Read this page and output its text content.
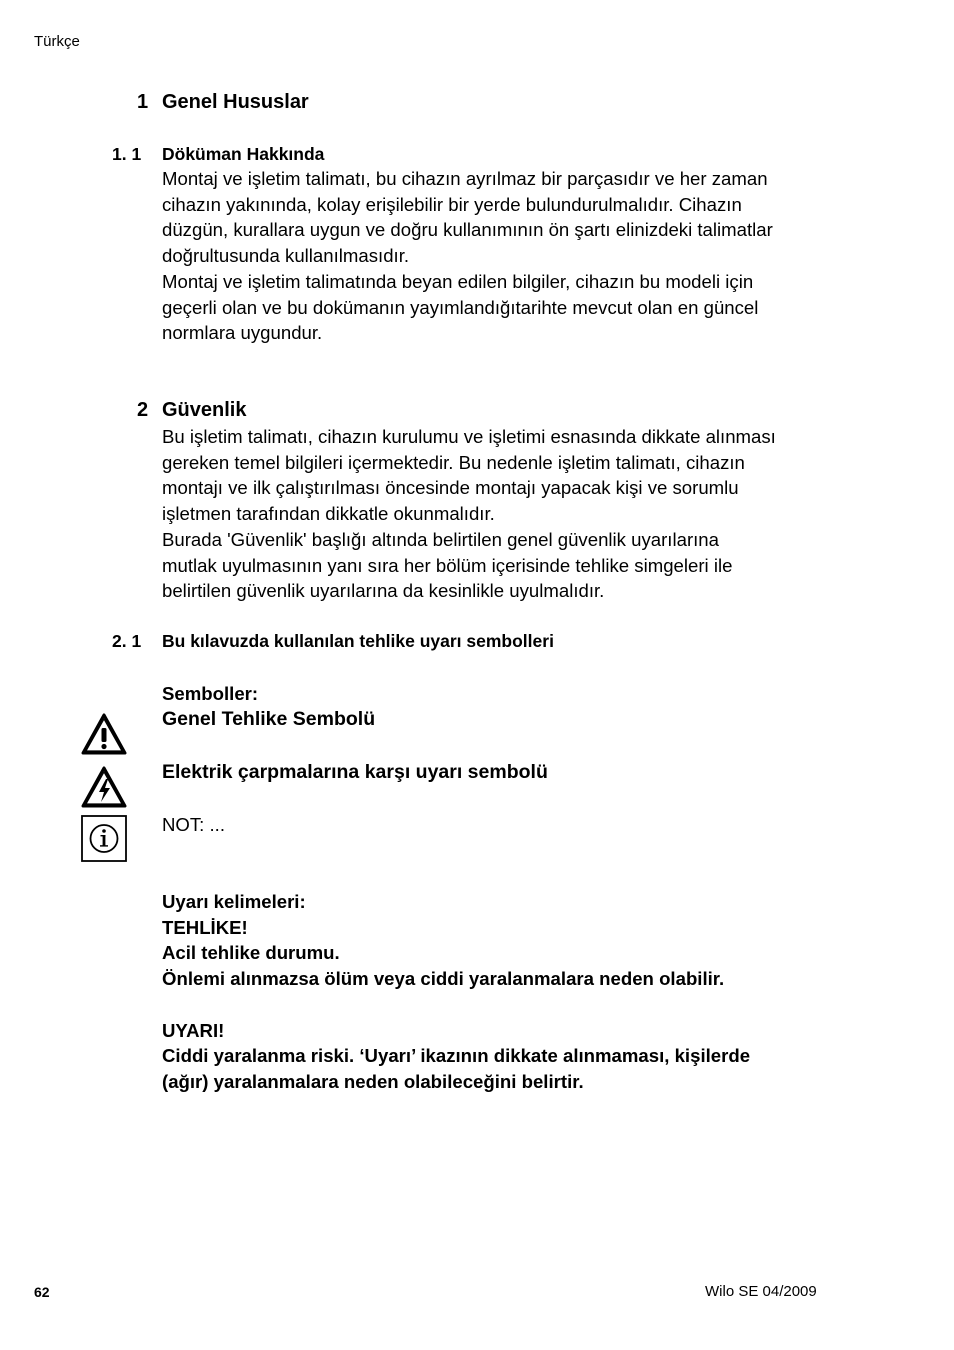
Türkçe
1 Genel Hususlar
1. 1 Döküman Hakkında
Montaj ve işletim talimatı, bu cihazın ayrılmaz bir parçasıdır ve her zaman
cihazın yakınında, kolay erişilebilir bir yerde bulundurulmalıdır. Cihazın
düzgün, kurallara uygun ve doğru kullanımının ön şartı elinizdeki talimatlar
doğrultusunda kullanılmasıdır.
Montaj ve işletim talimatında beyan edilen bilgiler, cihazın bu modeli için
geçerli olan ve bu dokümanın yayımlandığıtarihte mevcut olan en güncel
normlara uygundur.
2 Güvenlik
Bu işletim talimatı, cihazın kurulumu ve işletimi esnasında dikkate alınması
gereken temel bilgileri içermektedir. Bu nedenle işletim talimatı, cihazın
montajı ve ilk çalıştırılması öncesinde montajı yapacak kişi ve sorumlu
işletmen tarafından dikkatle okunmalıdır.
Burada 'Güvenlik' başlığı altında belirtilen genel güvenlik uyarılarına
mutlak uyulmasının yanı sıra her bölüm içerisinde tehlike simgeleri ile
belirtilen güvenlik uyarılarına da kesinlikle uyulmalıdır.
2. 1 Bu kılavuzda kullanılan tehlike uyarı sembolleri
Semboller:
Genel Tehlike Sembolü
Elektrik çarpmalarına karşı uyarı sembolü
NOT: ...
Uyarı kelimeleri:
TEHLİKE!
Acil tehlike durumu.
Önlemi alınmazsa ölüm veya ciddi yaralanmalara neden olabilir.
UYARI!
Ciddi yaralanma riski. ‘Uyarı’ ikazının dikkate alınmaması, kişilerde
(ağır) yaralanmalara neden olabileceğini belirtir.
62	Wilo SE 04/2009
